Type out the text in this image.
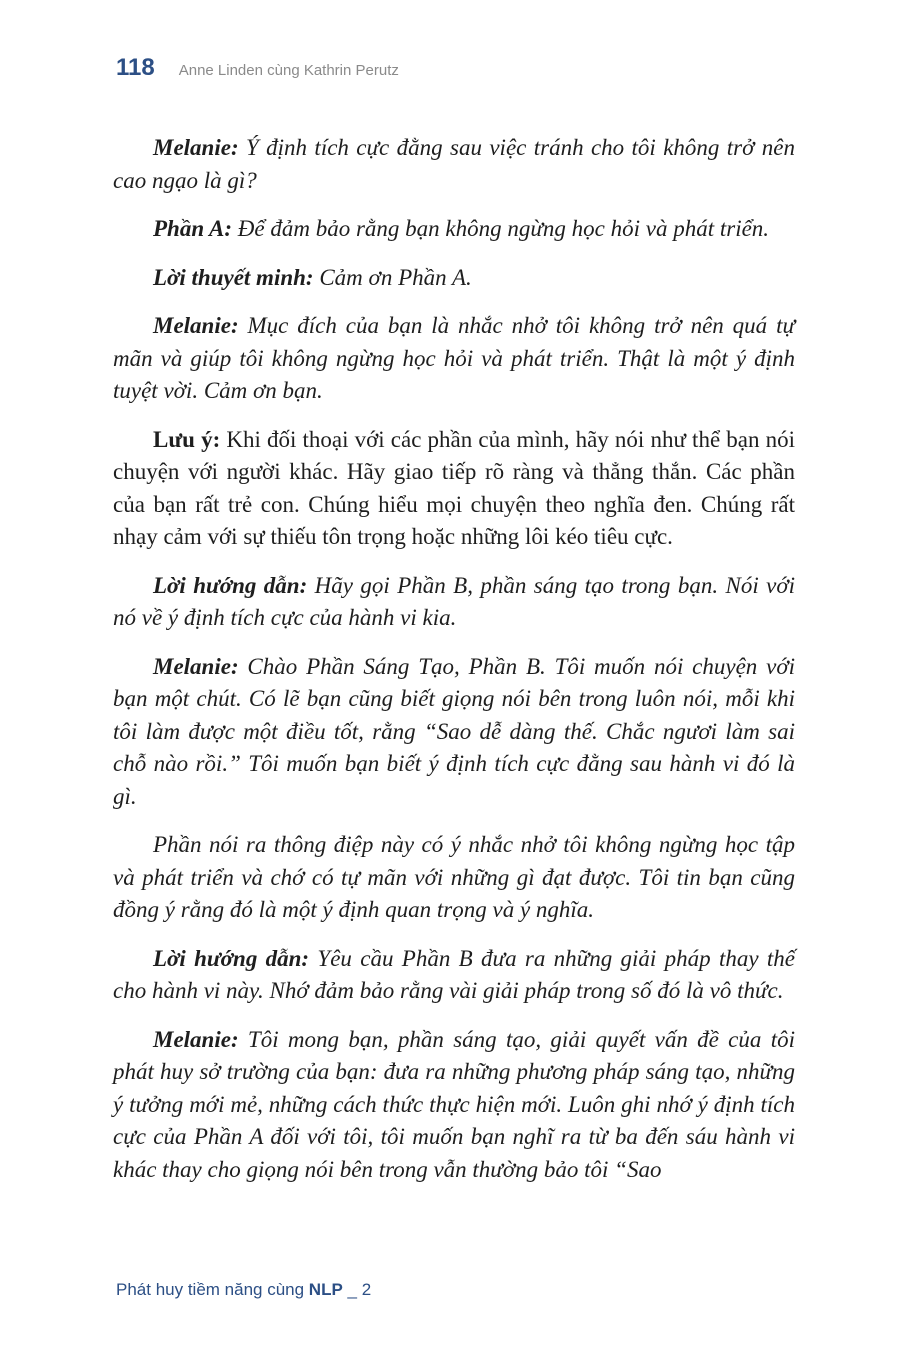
118 Anne Linden cùng Kathrin Perutz

Melanie: Ý định tích cực đằng sau việc tránh cho tôi không trở nên cao ngạo là gì?

Phần A: Để đảm bảo rằng bạn không ngừng học hỏi và phát triển.

Lời thuyết minh: Cảm ơn Phần A.

Melanie: Mục đích của bạn là nhắc nhở tôi không trở nên quá tự mãn và giúp tôi không ngừng học hỏi và phát triển. Thật là một ý định tuyệt vời. Cảm ơn bạn.

Lưu ý: Khi đối thoại với các phần của mình, hãy nói như thể bạn nói chuyện với người khác. Hãy giao tiếp rõ ràng và thẳng thắn. Các phần của bạn rất trẻ con. Chúng hiểu mọi chuyện theo nghĩa đen. Chúng rất nhạy cảm với sự thiếu tôn trọng hoặc những lôi kéo tiêu cực.

Lời hướng dẫn: Hãy gọi Phần B, phần sáng tạo trong bạn. Nói với nó về ý định tích cực của hành vi kia.

Melanie: Chào Phần Sáng Tạo, Phần B. Tôi muốn nói chuyện với bạn một chút. Có lẽ bạn cũng biết giọng nói bên trong luôn nói, mỗi khi tôi làm được một điều tốt, rằng “Sao dễ dàng thế. Chắc ngươi làm sai chỗ nào rồi.” Tôi muốn bạn biết ý định tích cực đằng sau hành vi đó là gì.

Phần nói ra thông điệp này có ý nhắc nhở tôi không ngừng học tập và phát triển và chớ có tự mãn với những gì đạt được. Tôi tin bạn cũng đồng ý rằng đó là một ý định quan trọng và ý nghĩa.

Lời hướng dẫn: Yêu cầu Phần B đưa ra những giải pháp thay thế cho hành vi này. Nhớ đảm bảo rằng vài giải pháp trong số đó là vô thức.

Melanie: Tôi mong bạn, phần sáng tạo, giải quyết vấn đề của tôi phát huy sở trường của bạn: đưa ra những phương pháp sáng tạo, những ý tưởng mới mẻ, những cách thức thực hiện mới. Luôn ghi nhớ ý định tích cực của Phần A đối với tôi, tôi muốn bạn nghĩ ra từ ba đến sáu hành vi khác thay cho giọng nói bên trong vẫn thường bảo tôi “Sao

Phát huy tiềm năng cùng NLP _ 2
